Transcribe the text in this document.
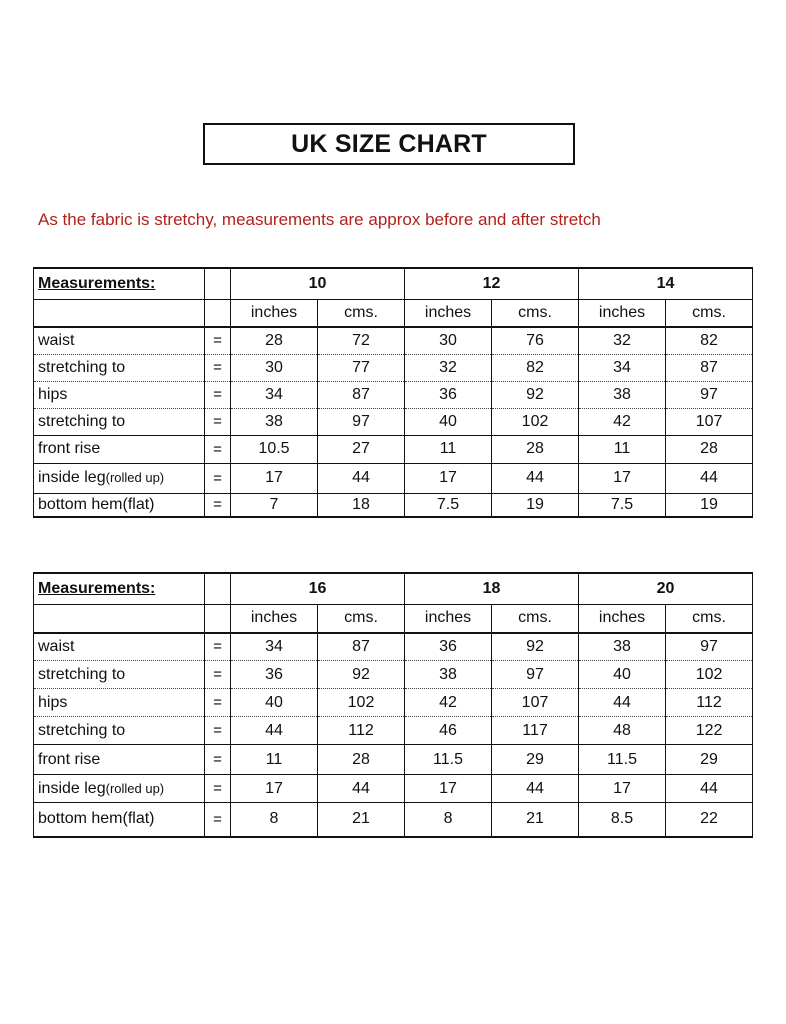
UK SIZE CHART
As the fabric is stretchy, measurements are approx before and after stretch
Measurements:		10		12		14	
		inches	cms.	inches	cms.	inches	cms.
waist	=	28	72	30	76	32	82
stretching to	=	30	77	32	82	34	87
hips	=	34	87	36	92	38	97
stretching to	=	38	97	40	102	42	107
front rise	=	10.5	27	11	28	11	28
inside leg(rolled up)	=	17	44	17	44	17	44
bottom hem(flat)	=	7	18	7.5	19	7.5	19
Measurements:		16		18		20	
		inches	cms.	inches	cms.	inches	cms.
waist	=	34	87	36	92	38	97
stretching to	=	36	92	38	97	40	102
hips	=	40	102	42	107	44	112
stretching to	=	44	112	46	117	48	122
front rise	=	11	28	11.5	29	11.5	29
inside leg(rolled up)	=	17	44	17	44	17	44
bottom hem(flat)	=	8	21	8	21	8.5	22
